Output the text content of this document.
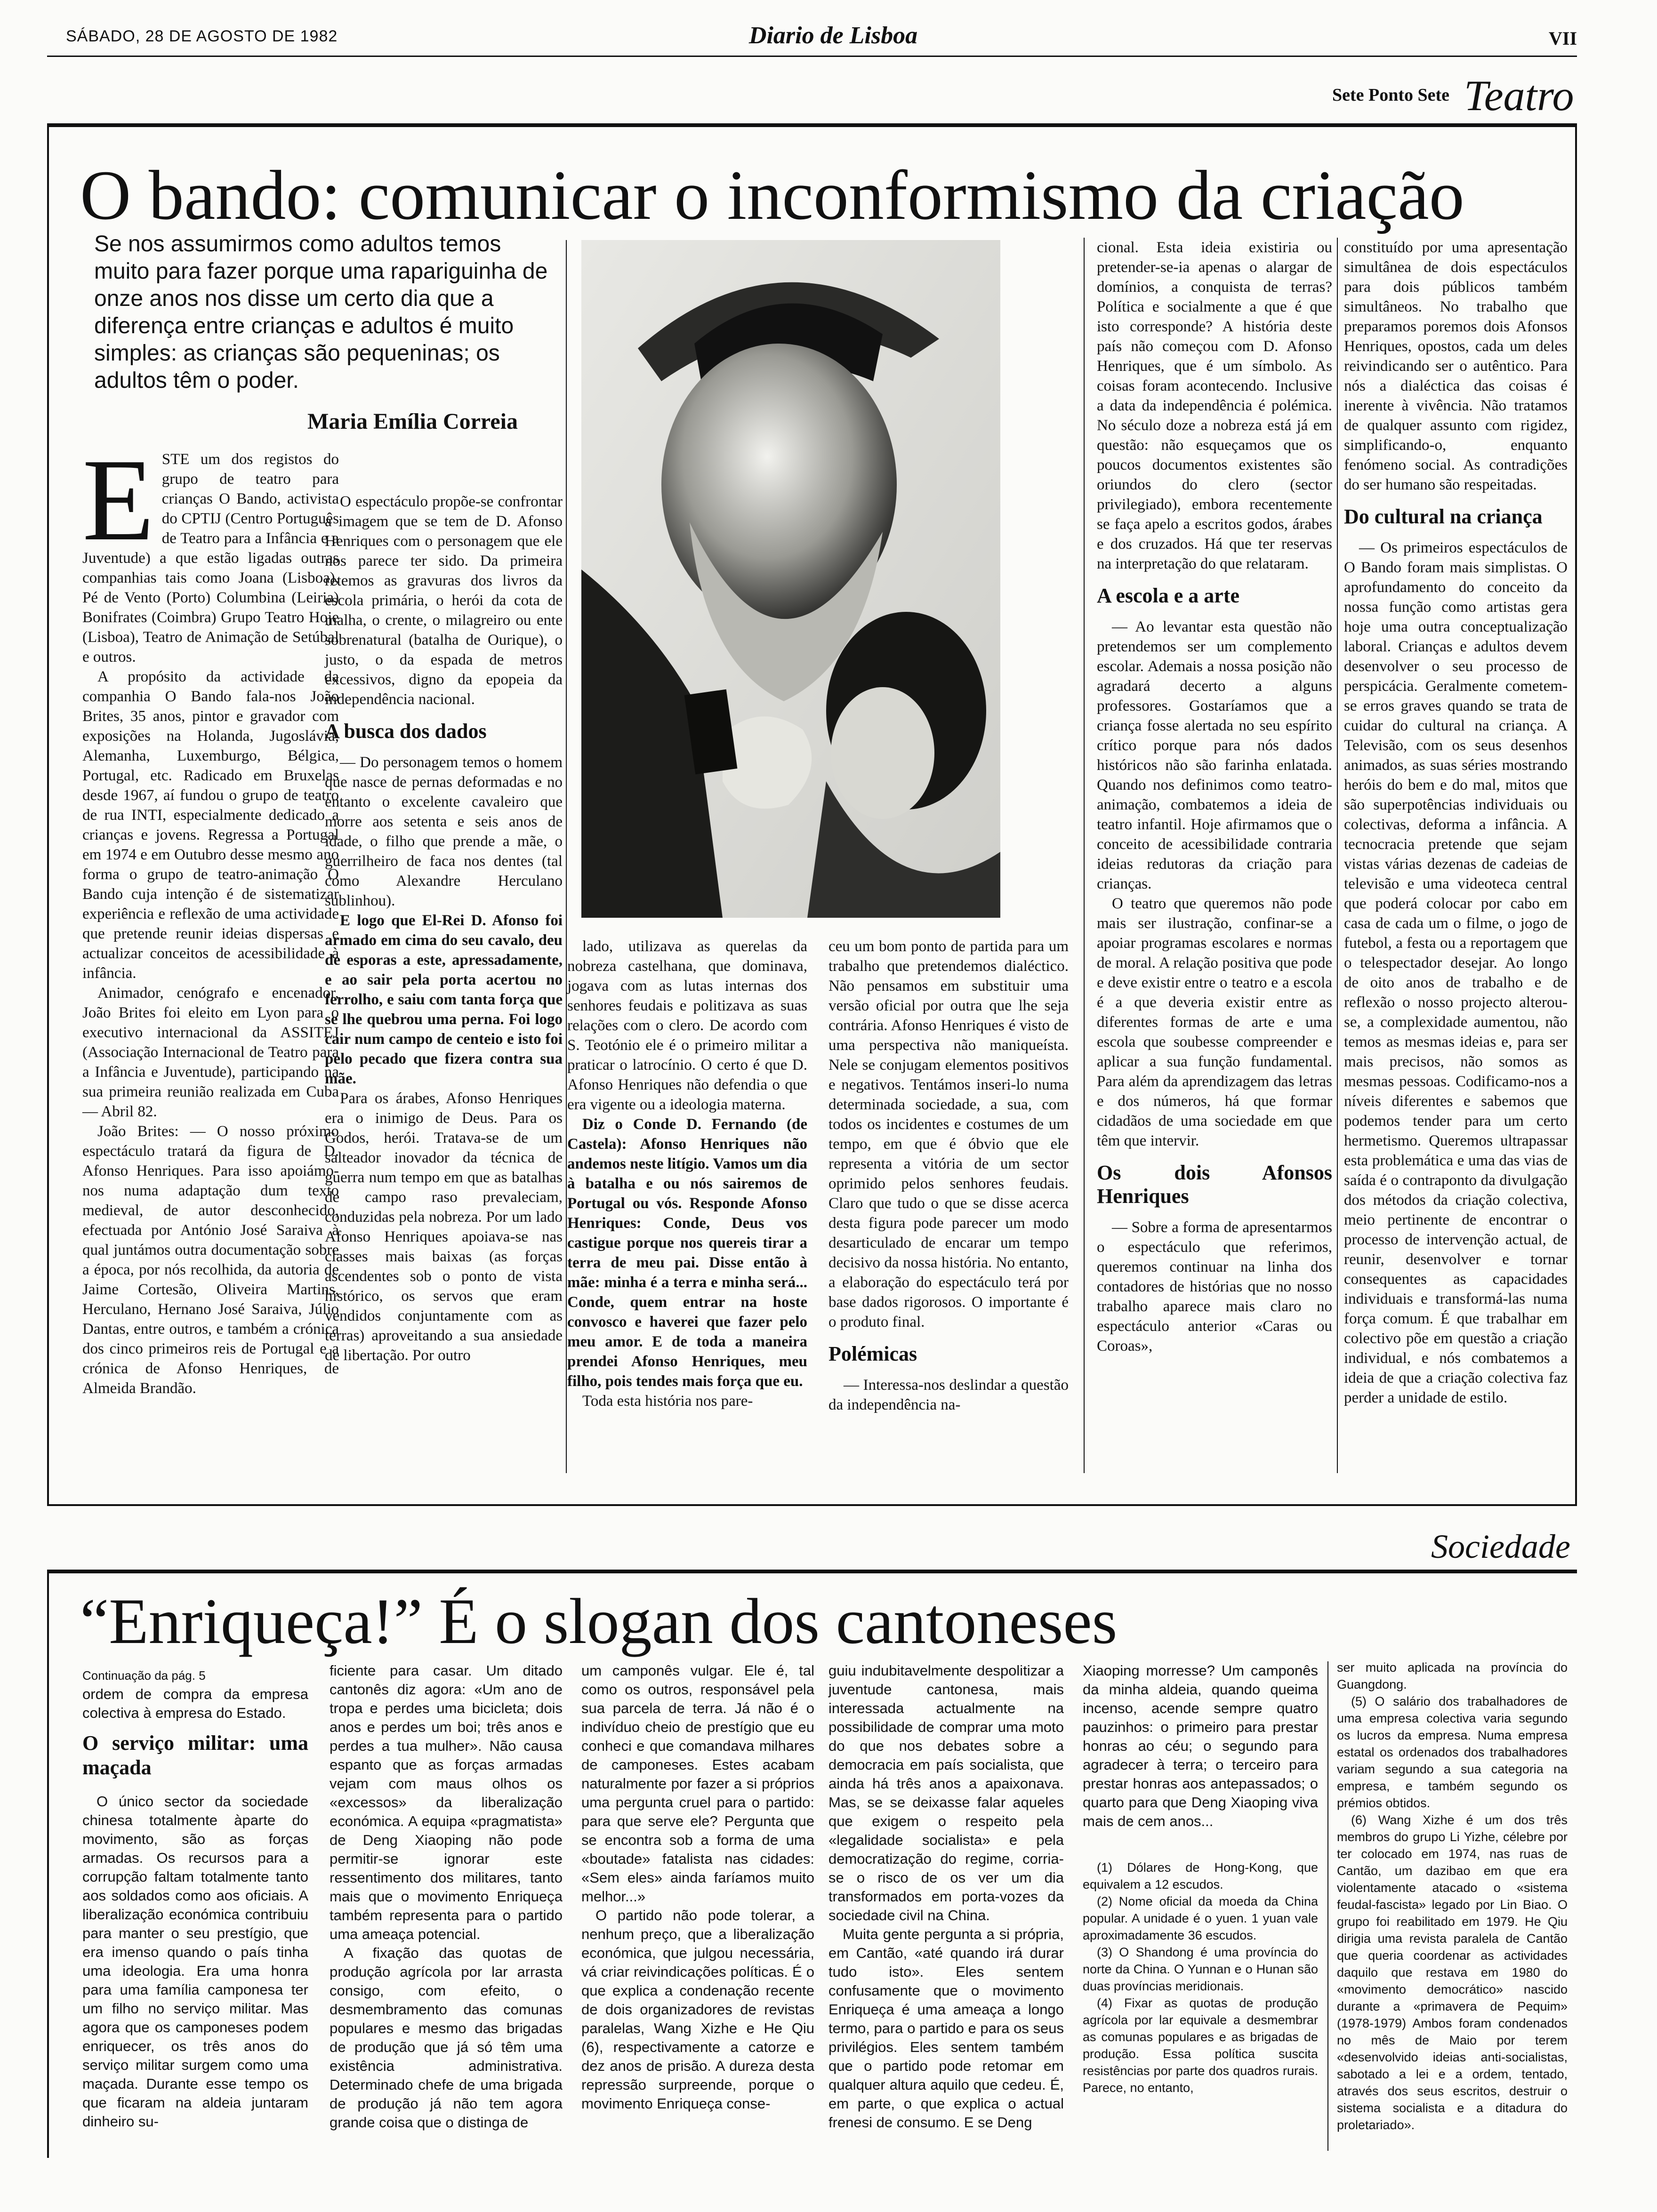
SÁBADO, 28 DE AGOSTO DE 1982	Diario de Lisboa	VII
Sete Ponto Sete Teatro
O bando: comunicar o inconformismo da criação
Se nos assumirmos como adultos temos muito para fazer porque uma rapariguinha de onze anos nos disse um certo dia que a diferença entre crianças e adultos é muito simples: as crianças são pequeninas; os adultos têm o poder.
Maria Emília Correia

ESTE um dos registos do grupo de teatro para crianças O Bando, activista do CPTIJ (Centro Português de Teatro para a Infância e a Juventude) a que estão ligadas outras companhias tais como Joana (Lisboa), Pé de Vento (Porto) Columbina (Leiria) Bonifrates (Coimbra) Grupo Teatro Hoje (Lisboa), Teatro de Animação de Setúbal e outros.

A propósito da actividade da companhia O Bando fala-nos João Brites, 35 anos, pintor e gravador com exposições na Holanda, Jugoslávia, Alemanha, Luxemburgo, Bélgica, Portugal, etc. Radicado em Bruxelas desde 1967, aí fundou o grupo de teatro de rua INTI, especialmente dedicado a crianças e jovens. Regressa a Portugal em 1974 e em Outubro desse mesmo ano forma o grupo de teatro-animação O Bando cuja intenção é de sistematizar experiência e reflexão de uma actividade que pretende reunir ideias dispersas e actualizar conceitos de acessibilidade à infância.

Animador, cenógrafo e encenador, João Brites foi eleito em Lyon para o executivo internacional da ASSITEJ (Associação Internacional de Teatro para a Infância e Juventude), participando na sua primeira reunião realizada em Cuba — Abril 82.

João Brites: — O nosso próximo espectáculo tratará da figura de D. Afonso Henriques. Para isso apoiámo-nos numa adaptação dum texto medieval, de autor desconhecido, efectuada por António José Saraiva à qual juntámos outra documentação sobre a época, por nós recolhida, da autoria de Jaime Cortesão, Oliveira Martins, Herculano, Hernano José Saraiva, Júlio Dantas, entre outros, e também a crónica dos cinco primeiros reis de Portugal e a crónica de Afonso Henriques, de Almeida Brandão.

O espectáculo propõe-se confrontar a imagem que se tem de D. Afonso Henriques com o personagem que ele nos parece ter sido. Da primeira retemos as gravuras dos livros da escola primária, o herói da cota de malha, o crente, o milagreiro ou ente sobrenatural (batalha de Ourique), o justo, o da espada de metros excessivos, digno da epopeia da independência nacional.

A busca dos dados

— Do personagem temos o homem que nasce de pernas deformadas e no entanto o excelente cavaleiro que morre aos setenta e seis anos de idade, o filho que prende a mãe, o guerrilheiro de faca nos dentes (tal como Alexandre Herculano sublinhou).

E logo que El-Rei D. Afonso foi armado em cima do seu cavalo, deu de esporas a este, apressadamente, e ao sair pela porta acertou no ferrolho, e saiu com tanta força que se lhe quebrou uma perna. Foi logo cair num campo de centeio e isto foi pelo pecado que fizera contra sua mãe.

Para os árabes, Afonso Henriques era o inimigo de Deus. Para os Godos, herói. Tratava-se de um salteador inovador da técnica de guerra num tempo em que as batalhas de campo raso prevaleciam, conduzidas pela nobreza. Por um lado Afonso Henriques apoiava-se nas classes mais baixas (as forças ascendentes sob o ponto de vista histórico, os servos que eram vendidos conjuntamente com as terras) aproveitando a sua ansiedade de libertação. Por outro

lado, utilizava as querelas da nobreza castelhana, que dominava, jogava com as lutas internas dos senhores feudais e politizava as suas relações com o clero. De acordo com S. Teotónio ele é o primeiro militar a praticar o latrocínio. O certo é que D. Afonso Henriques não defendia o que era vigente ou a ideologia materna.

Diz o Conde D. Fernando (de Castela): Afonso Henriques não andemos neste litígio. Vamos um dia à batalha e ou nós sairemos de Portugal ou vós. Responde Afonso Henriques: Conde, Deus vos castigue porque nos quereis tirar a terra de meu pai. Disse então à mãe: minha é a terra e minha será... Conde, quem entrar na hoste convosco e haverei que fazer pelo meu amor. E de toda a maneira prendei Afonso Henriques, meu filho, pois tendes mais força que eu.

Toda esta história nos pare-

ceu um bom ponto de partida para um trabalho que pretendemos dialéctico. Não pensamos em substituir uma versão oficial por outra que lhe seja contrária. Afonso Henriques é visto de uma perspectiva não maniqueísta. Nele se conjugam elementos positivos e negativos. Tentámos inseri-lo numa determinada sociedade, a sua, com todos os incidentes e costumes de um tempo, em que é óbvio que ele representa a vitória de um sector oprimido pelos senhores feudais. Claro que tudo o que se disse acerca desta figura pode parecer um modo desarticulado de encarar um tempo decisivo da nossa história. No entanto, a elaboração do espectáculo terá por base dados rigorosos. O importante é o produto final.

Polémicas

— Interessa-nos deslindar a questão da independência na-

cional. Esta ideia existiria ou pretender-se-ia apenas o alargar de domínios, a conquista de terras? Política e socialmente a que é que isto corresponde? A história deste país não começou com D. Afonso Henriques, que é um símbolo. As coisas foram acontecendo. Inclusive a data da independência é polémica. No século doze a nobreza está já em questão: não esqueçamos que os poucos documentos existentes são oriundos do clero (sector privilegiado), embora recentemente se faça apelo a escritos godos, árabes e dos cruzados. Há que ter reservas na interpretação do que relataram.

A escola e a arte

— Ao levantar esta questão não pretendemos ser um complemento escolar. Ademais a nossa posição não agradará decerto a alguns professores. Gostaríamos que a criança fosse alertada no seu espírito crítico porque para nós dados históricos não são farinha enlatada. Quando nos definimos como teatro-animação, combatemos a ideia de teatro infantil. Hoje afirmamos que o conceito de acessibilidade contraria ideias redutoras da criação para crianças.

O teatro que queremos não pode mais ser ilustração, confinar-se a apoiar programas escolares e normas de moral. A relação positiva que pode e deve existir entre o teatro e a escola é a que deveria existir entre as diferentes formas de arte e uma escola que soubesse compreender e aplicar a sua função fundamental. Para além da aprendizagem das letras e dos números, há que formar cidadãos de uma sociedade em que têm que intervir.

Os dois Afonsos Henriques

— Sobre a forma de apresentarmos o espectáculo que referimos, queremos continuar na linha dos contadores de histórias que no nosso trabalho aparece mais claro no espectáculo anterior «Caras ou Coroas»,

constituído por uma apresentação simultânea de dois espectáculos para dois públicos também simultâneos. No trabalho que preparamos poremos dois Afonsos Henriques, opostos, cada um deles reivindicando ser o autêntico. Para nós a dialéctica das coisas é inerente à vivência. Não tratamos de qualquer assunto com rigidez, simplificando-o, enquanto fenómeno social. As contradições do ser humano são respeitadas.

Do cultural na criança

— Os primeiros espectáculos de O Bando foram mais simplistas. O aprofundamento do conceito da nossa função como artistas gera hoje uma outra conceptualização laboral. Crianças e adultos devem desenvolver o seu processo de perspicácia. Geralmente cometem-se erros graves quando se trata de cuidar do cultural na criança. A Televisão, com os seus desenhos animados, as suas séries mostrando heróis do bem e do mal, mitos que são superpotências individuais ou colectivas, deforma a infância. A tecnocracia pretende que sejam vistas várias dezenas de cadeias de televisão e uma videoteca central que poderá colocar por cabo em casa de cada um o filme, o jogo de futebol, a festa ou a reportagem que o telespectador desejar. Ao longo de oito anos de trabalho e de reflexão o nosso projecto alterou-se, a complexidade aumentou, não temos as mesmas ideias e, para ser mais precisos, não somos as mesmas pessoas. Codificamo-nos a níveis diferentes e sabemos que podemos tender para um certo hermetismo. Queremos ultrapassar esta problemática e uma das vias de saída é o contraponto da divulgação dos métodos da criação colectiva, meio pertinente de encontrar o processo de intervenção actual, de reunir, desenvolver e tornar consequentes as capacidades individuais e transformá-las numa força comum. É que trabalhar em colectivo põe em questão a criação individual, e nós combatemos a ideia de que a criação colectiva faz perder a unidade de estilo.

Sociedade
“Enriqueça!” É o slogan dos cantoneses

Continuação da pág. 5

ordem de compra da empresa colectiva à empresa do Estado.

O serviço militar: uma maçada

O único sector da sociedade chinesa totalmente àparte do movimento, são as forças armadas. Os recursos para a corrupção faltam totalmente tanto aos soldados como aos oficiais. A liberalização económica contribuiu para manter o seu prestígio, que era imenso quando o país tinha uma ideologia. Era uma honra para uma família camponesa ter um filho no serviço militar. Mas agora que os camponeses podem enriquecer, os três anos do serviço militar surgem como uma maçada. Durante esse tempo os que ficaram na aldeia juntaram dinheiro su-

ficiente para casar. Um ditado cantonês diz agora: «Um ano de tropa e perdes uma bicicleta; dois anos e perdes um boi; três anos e perdes a tua mulher». Não causa espanto que as forças armadas vejam com maus olhos os «excessos» da liberalização económica. A equipa «pragmatista» de Deng Xiaoping não pode permitir-se ignorar este ressentimento dos militares, tanto mais que o movimento Enriqueça também representa para o partido uma ameaça potencial.

A fixação das quotas de produção agrícola por lar arrasta consigo, com efeito, o desmembramento das comunas populares e mesmo das brigadas de produção que já só têm uma existência administrativa. Determinado chefe de uma brigada de produção já não tem agora grande coisa que o distinga de

um camponês vulgar. Ele é, tal como os outros, responsável pela sua parcela de terra. Já não é o indivíduo cheio de prestígio que eu conheci e que comandava milhares de camponeses. Estes acabam naturalmente por fazer a si próprios uma pergunta cruel para o partido: para que serve ele? Pergunta que se encontra sob a forma de uma «boutade» fatalista nas cidades: «Sem eles» ainda faríamos muito melhor...»

O partido não pode tolerar, a nenhum preço, que a liberalização económica, que julgou necessária, vá criar reivindicações políticas. É o que explica a condenação recente de dois organizadores de revistas paralelas, Wang Xizhe e He Qiu (6), respectivamente a catorze e dez anos de prisão. A dureza desta repressão surpreende, porque o movimento Enriqueça conse-

guiu indubitavelmente despolitizar a juventude cantonesa, mais interessada actualmente na possibilidade de comprar uma moto do que nos debates sobre a democracia em país socialista, que ainda há três anos a apaixonava. Mas, se se deixasse falar aqueles que exigem o respeito pela «legalidade socialista» e pela democratização do regime, corria-se o risco de os ver um dia transformados em porta-vozes da sociedade civil na China.

Muita gente pergunta a si própria, em Cantão, «até quando irá durar tudo isto». Eles sentem confusamente que o movimento Enriqueça é uma ameaça a longo termo, para o partido e para os seus privilégios. Eles sentem também que o partido pode retomar em qualquer altura aquilo que cedeu. É, em parte, o que explica o actual frenesi de consumo. E se Deng

Xiaoping morresse? Um camponês da minha aldeia, quando queima incenso, acende sempre quatro pauzinhos: o primeiro para prestar honras ao céu; o segundo para agradecer à terra; o terceiro para prestar honras aos antepassados; o quarto para que Deng Xiaoping viva mais de cem anos...

(1) Dólares de Hong-Kong, que equivalem a 12 escudos.

(2) Nome oficial da moeda da China popular. A unidade é o yuen. 1 yuan vale aproximadamente 36 escudos.

(3) O Shandong é uma província do norte da China. O Yunnan e o Hunan são duas províncias meridionais.

(4) Fixar as quotas de produção agrícola por lar equivale a desmembrar as comunas populares e as brigadas de produção. Essa política suscita resistências por parte dos quadros rurais. Parece, no entanto,

ser muito aplicada na província do Guangdong.

(5) O salário dos trabalhadores de uma empresa colectiva varia segundo os lucros da empresa. Numa empresa estatal os ordenados dos trabalhadores variam segundo a sua categoria na empresa, e também segundo os prémios obtidos.

(6) Wang Xizhe é um dos três membros do grupo Li Yizhe, célebre por ter colocado em 1974, nas ruas de Cantão, um dazibao em que era violentamente atacado o «sistema feudal-fascista» legado por Lin Biao. O grupo foi reabilitado em 1979. He Qiu dirigia uma revista paralela de Cantão que queria coordenar as actividades daquilo que restava em 1980 do «movimento democrático» nascido durante a «primavera de Pequim» (1978-1979) Ambos foram condenados no mês de Maio por terem «desenvolvido ideias anti-socialistas, sabotado a lei e a ordem, tentado, através dos seus escritos, destruir o sistema socialista e a ditadura do proletariado».
